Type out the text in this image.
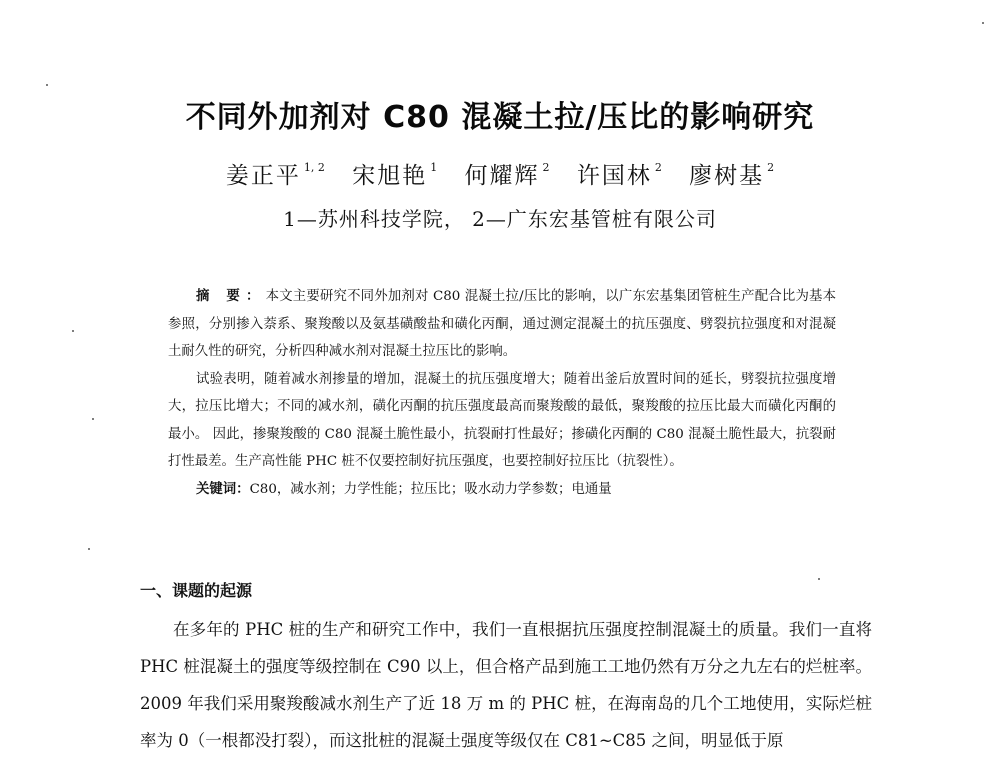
不同外加剂对 C80 混凝土拉/压比的影响研究
姜正平 $^{1, 2}$ 宋旭艳 $^1$ 何耀辉 $^2$ 许国林 $^2$ 廖树基 $^2$
1—苏州科技学院， 2—广东宏基管桩有限公司

摘 要：本文主要研究不同外加剂对 C80 混凝土拉/压比的影响，以广东宏基集团管桩生产配合比为基本参照，分别掺入萘系、聚羧酸以及氨基磺酸盐和磺化丙酮，通过测定混凝土的抗压强度、劈裂抗拉强度和对混凝土耐久性的研究，分析四种减水剂对混凝土拉压比的影响。

试验表明，随着减水剂掺量的增加，混凝土的抗压强度增大；随着出釜后放置时间的延长，劈裂抗拉强度增大，拉压比增大；不同的减水剂，磺化丙酮的抗压强度最高而聚羧酸的最低，聚羧酸的拉压比最大而磺化丙酮的最小。 因此，掺聚羧酸的 C80 混凝土脆性最小，抗裂耐打性最好；掺磺化丙酮的 C80 混凝土脆性最大，抗裂耐打性最差。生产高性能 PHC 桩不仅要控制好抗压强度，也要控制好拉压比（抗裂性）。

关键词：C80，减水剂；力学性能；拉压比；吸水动力学参数；电通量

一、课题的起源

在多年的 PHC 桩的生产和研究工作中，我们一直根据抗压强度控制混凝土的质量。我们一直将 PHC 桩混凝土的强度等级控制在 C90 以上，但合格产品到施工工地仍然有万分之九左右的烂桩率。2009 年我们采用聚羧酸减水剂生产了近 18 万 m 的 PHC 桩，在海南岛的几个工地使用，实际烂桩率为 0（一根都没打裂），而这批桩的混凝土强度等级仅在 C81~C85 之间，明显低于原
